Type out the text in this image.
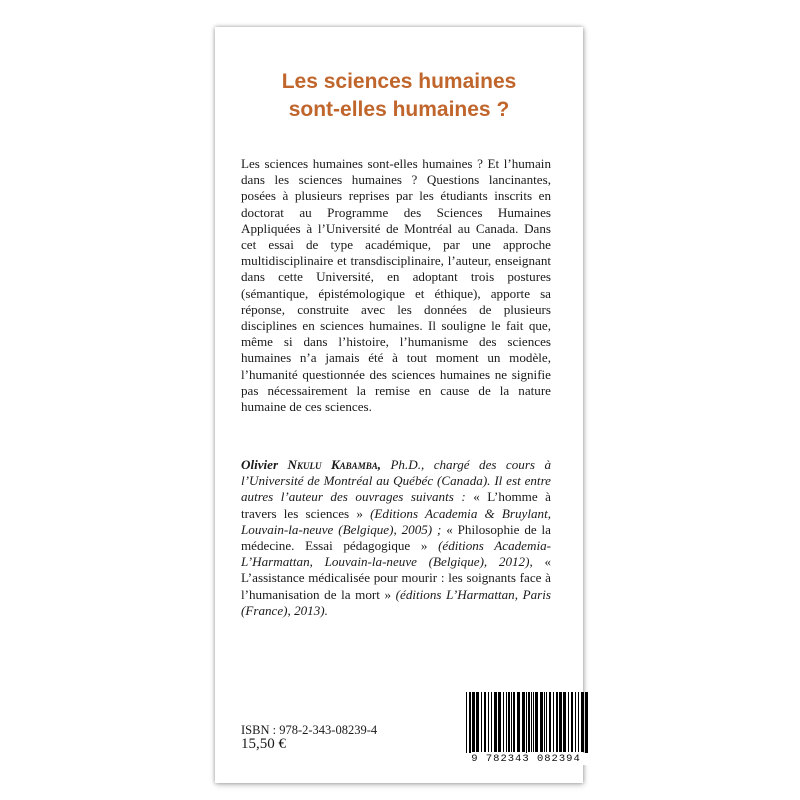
Les sciences humaines
sont-elles humaines ?

Les sciences humaines sont-elles humaines ? Et l’humain dans les sciences humaines ? Questions lancinantes, posées à plusieurs reprises par les étudiants inscrits en doctorat au Programme des Sciences Humaines Appliquées à l’Université de Montréal au Canada. Dans cet essai de type académique, par une approche multidisciplinaire et transdisciplinaire, l’auteur, enseignant dans cette Université, en adoptant trois postures (sémantique, épistémologique et éthique), apporte sa réponse, construite avec les données de plusieurs disciplines en sciences humaines. Il souligne le fait que, même si dans l’histoire, l’humanisme des sciences humaines n’a jamais été à tout moment un modèle, l’humanité questionnée des sciences humaines ne signifie pas nécessairement la remise en cause de la nature humaine de ces sciences.

Olivier Nkulu Kabamba, Ph.D., chargé des cours à l’Université de Montréal au Québéc (Canada). Il est entre autres l’auteur des ouvrages suivants : « L’homme à travers les sciences » (Editions Academia & Bruylant, Louvain-la-neuve (Belgique), 2005) ; « Philosophie de la médecine. Essai pédagogique » (éditions Academia-L’Harmattan, Louvain-la-neuve (Belgique), 2012), « L’assistance médicalisée pour mourir : les soignants face à l’humanisation de la mort » (éditions L’Harmattan, Paris (France), 2013).

ISBN : 978-2-343-08239-4
15,50 €
9 782343 082394
